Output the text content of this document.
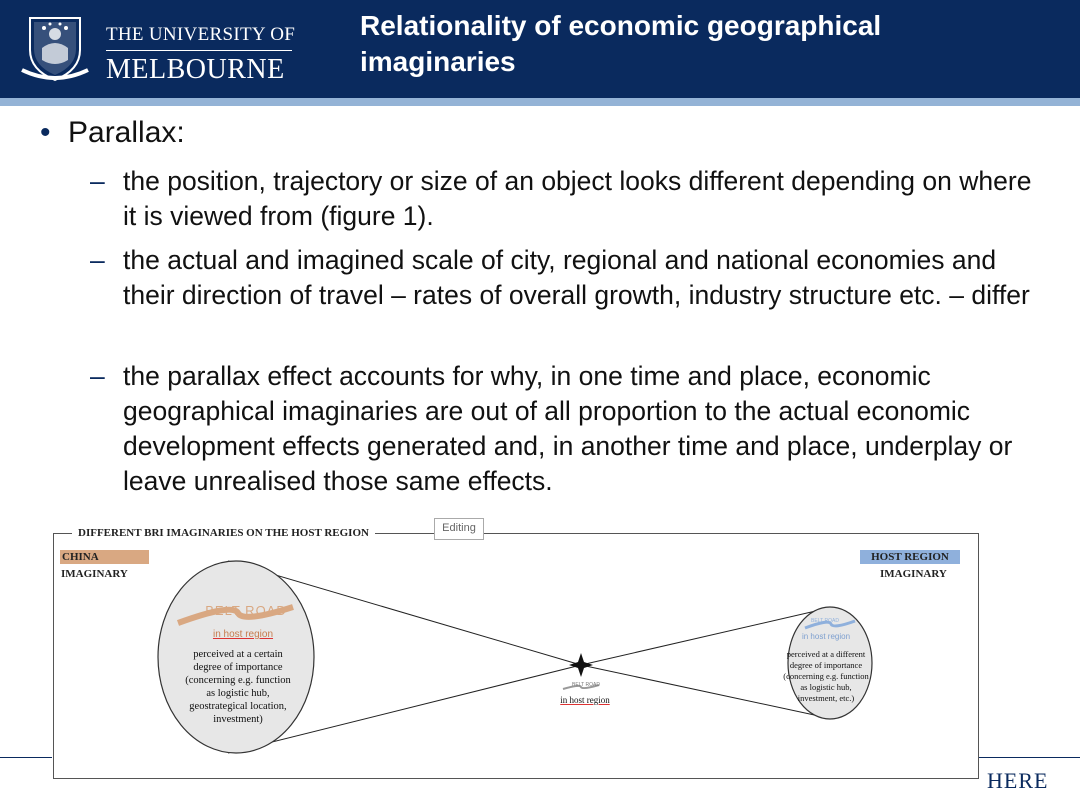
THE UNIVERSITY OF
MELBOURNE
Relationality of economic geographical imaginaries
• Parallax:
– the position, trajectory or size of an object looks different depending on where it is viewed from (figure 1).
– the actual and imagined scale of city, regional and national economies and their direction of travel – rates of overall growth, industry structure etc. – differ
– the parallax effect accounts for why, in one time and place, economic geographical imaginaries are out of all proportion to the actual economic development effects generated and, in another time and place, underplay or leave unrealised those same effects.
DIFFERENT BRI IMAGINARIES ON THE HOST REGION	Editing
CHINA
IMAGINARY
HOST REGION
IMAGINARY
BELT ROAD
in host region
perceived at a certain degree of importance (concerning e.g. function as logistic hub, geostrategical location, investment)
BELT ROAD
in host region
perceived at a different degree of importance (concerning e.g. function as logistic hub, investment, etc.)
BELT ROAD
in host region
HERE
